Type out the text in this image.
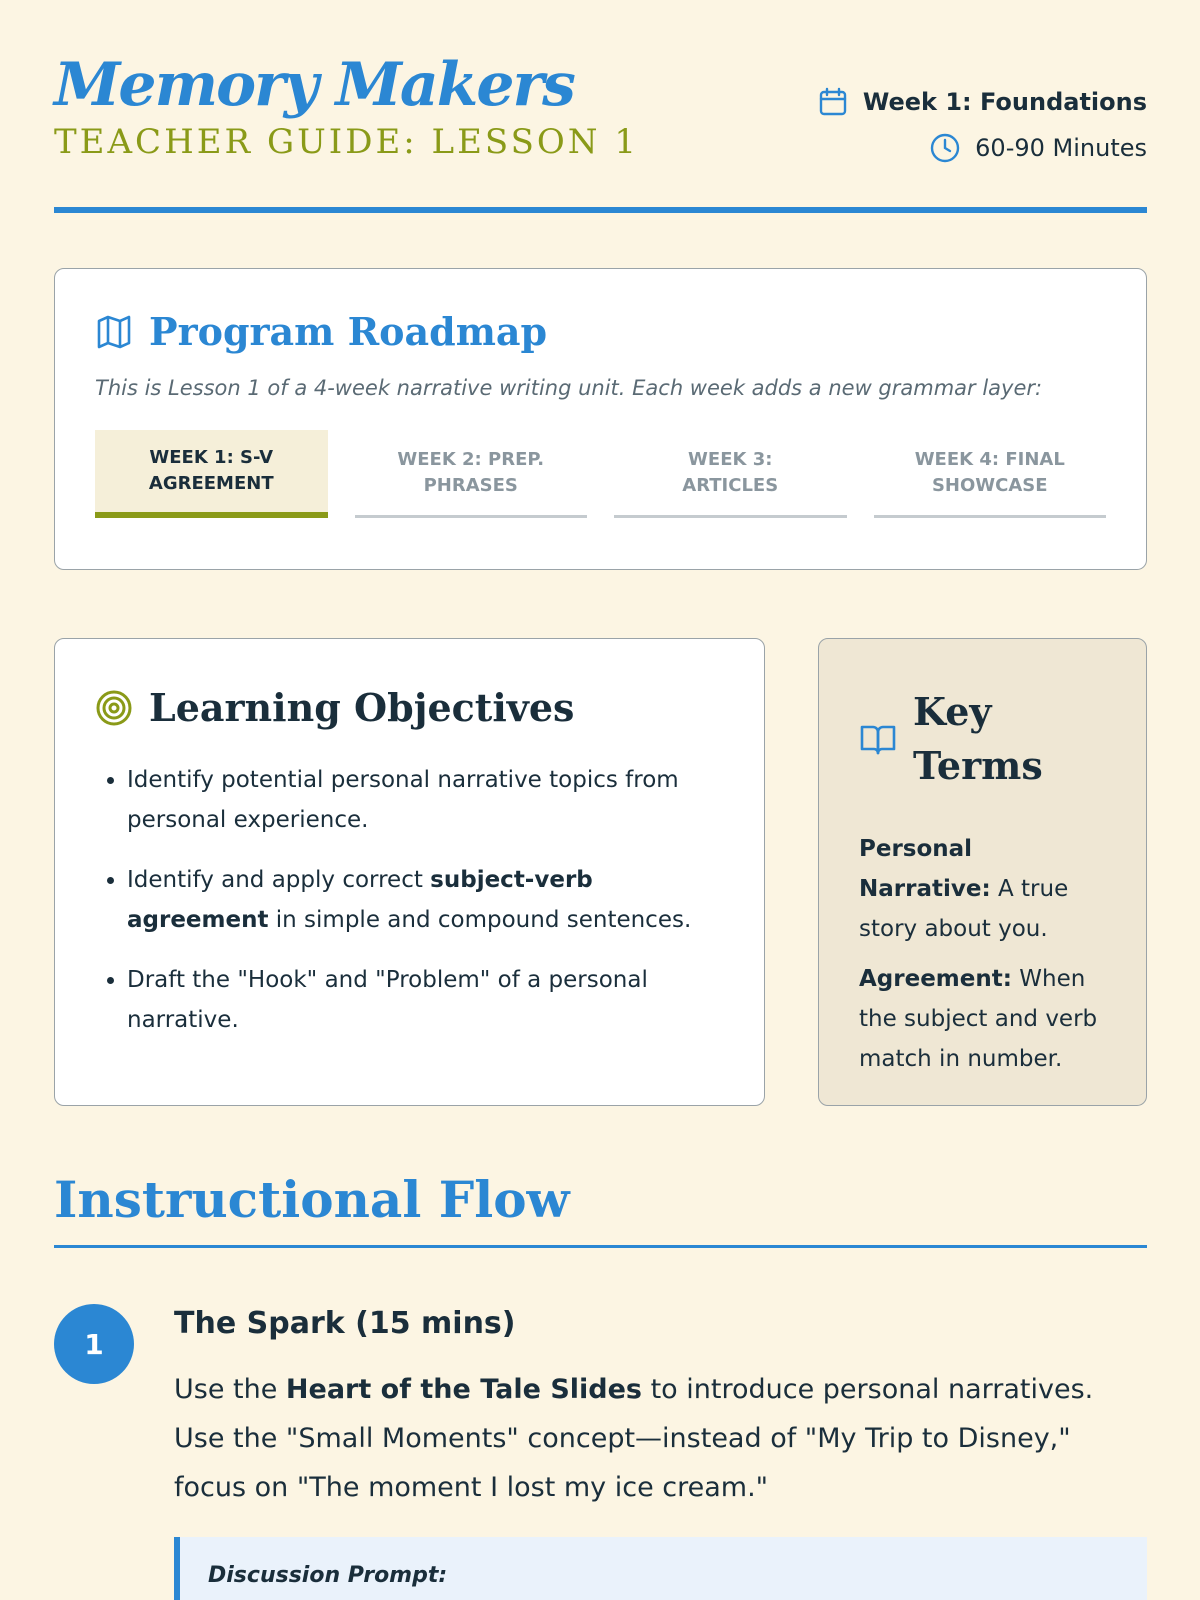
Memory Makers
TEACHER GUIDE: LESSON 1
Week 1: Foundations
60-90 Minutes
Program Roadmap
This is Lesson 1 of a 4-week narrative writing unit. Each week adds a new grammar layer:
WEEK 1: S-V AGREEMENT
WEEK 2: PREP. PHRASES
WEEK 3: ARTICLES
WEEK 4: FINAL SHOWCASE
Learning Objectives
• Identify potential personal narrative topics from personal experience.
• Identify and apply correct subject-verb agreement in simple and compound sentences.
• Draft the "Hook" and "Problem" of a personal narrative.
Key Terms

Personal Narrative: A true story about you.

Agreement: When the subject and verb match in number.

Instructional Flow
1
The Spark (15 mins)
Use the Heart of the Tale Slides to introduce personal narratives. Use the "Small Moments" concept—instead of "My Trip to Disney," focus on "The moment I lost my ice cream."
Discussion Prompt:
